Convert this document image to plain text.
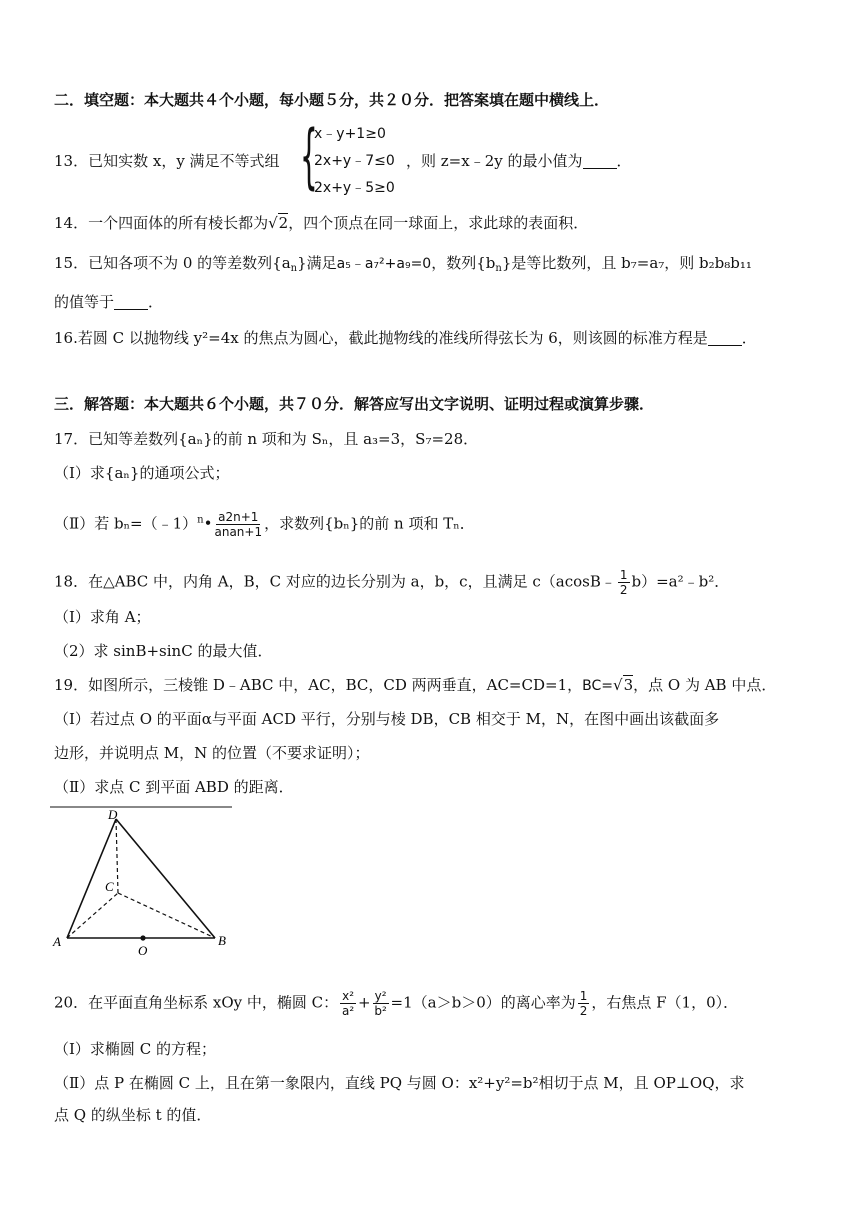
二．填空题：本大题共４个小题，每小题５分，共２０分．把答案填在题中横线上．
13．已知实数 x，y 满足不等式组 {
x﹣y+1≥0
2x+y﹣7≤0
2x+y﹣5≥0
，则 z=x﹣2y 的最小值为 ．
14．一个四面体的所有棱长都为√2，四个顶点在同一球面上，求此球的表面积．
15．已知各项不为 0 的等差数列$\{a_n\}$满足a₅﹣a₇²+a₉=0，数列$\{b_n\}$是等比数列，且 b₇=a₇，则 b₂b₈b₁₁
的值等于 ．
16.若圆 C 以抛物线 y²=4x 的焦点为圆心，截此抛物线的准线所得弦长为 6，则该圆的标准方程是 ．
三．解答题：本大题共６个小题，共７０分．解答应写出文字说明、证明过程或演算步骤．
17．已知等差数列{aₙ}的前 n 项和为 Sₙ，且 a₃=3，S₇=28．
（Ⅰ）求{aₙ}的通项公式；
（Ⅱ）若 bₙ=（﹣1）$^n$• $\frac{a2n+1}{\text{anan+1}}$ ，求数列{bₙ}的前 n 项和 Tₙ．
18．在△ABC 中，内角 A，B，C 对应的边长分别为 a，b，c，且满足 c（acosB﹣ $\frac{1}{2}$ b）=a²﹣b²．
（Ⅰ）求角 A；
（2）求 sinB+sinC 的最大值．
19．如图所示，三棱锥 D﹣ABC 中，AC，BC，CD 两两垂直，AC=CD=1，BC=√3，点 O 为 AB 中点．
（Ⅰ）若过点 O 的平面α与平面 ACD 平行，分别与棱 DB，CB 相交于 M，N，在图中画出该截面多
边形，并说明点 M，N 的位置（不要求证明）；
（Ⅱ）求点 C 到平面 ABD 的距离．
D
C
A	B
O
20．在平面直角坐标系 xOy 中，椭圆 C： $\frac{\text{x²}}{\text{a²}} + \frac{\text{y²}}{\text{b²}} =1(a>b>0)$的离心率为 $\frac{1}{2}$ ，右焦点 F（1，0）．
（Ⅰ）求椭圆 C 的方程；
（Ⅱ）点 P 在椭圆 C 上，且在第一象限内，直线 PQ 与圆 O：x²+y²=b²相切于点 M，且 OP⊥OQ，求
点 Q 的纵坐标 t 的值．
